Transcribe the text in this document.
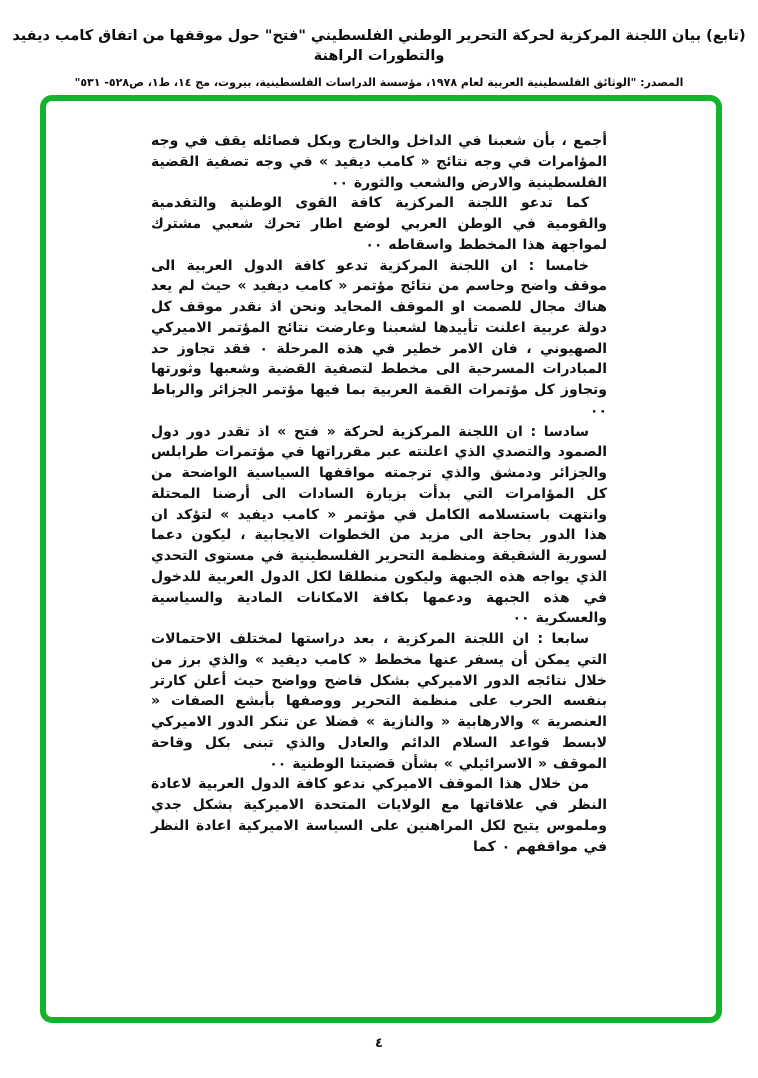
(تابع) بيان اللجنة المركزية لحركة التحرير الوطني الفلسطيني "فتح" حول موقفها من اتفاق كامب ديفيد والتطورات الراهنة
المصدر: "الوثائق الفلسطينية العربية لعام ١٩٧٨، مؤسسة الدراسات الفلسطينية، بيروت، مج ١٤، ط١، ص٥٢٨- ٥٣١"

أجمع ، بأن شعبنا في الداخل والخارج وبكل فصائله يقف في وجه المؤامرات في وجه نتائج « كامب ديفيد » في وجه تصفية القضية الفلسطينية والارض والشعب والثورة ٠٠

كما تدعو اللجنة المركزية كافة القوى الوطنية والتقدمية والقومية في الوطن العربي لوضع اطار تحرك شعبي مشترك لمواجهة هذا المخطط واسقاطه ٠٠

خامسا : ان اللجنة المركزية تدعو كافة الدول العربية الى موقف واضح وحاسم من نتائج مؤتمر « كامب ديفيد » حيث لم يعد هناك مجال للصمت او الموقف المحايد ونحن اذ نقدر موقف كل دولة عربية اعلنت تأييدها لشعبنا وعارضت نتائج المؤتمر الاميركي الصهيوني ، فان الامر خطير في هذه المرحلة ٠ فقد تجاوز حد المبادرات المسرحية الى مخطط لتصفية القضية وشعبها وثورتها وتجاوز كل مؤتمرات القمة العربية بما فيها مؤتمر الجزائر والرباط ٠٠

سادسا : ان اللجنة المركزية لحركة « فتح » اذ تقدر دور دول الصمود والتصدي الذي اعلنته عبر مقرراتها في مؤتمرات طرابلس والجزائر ودمشق والذي ترجمته مواقفها السياسية الواضحة من كل المؤامرات التي بدأت بزيارة السادات الى أرضنا المحتلة وانتهت باستسلامه الكامل في مؤتمر « كامب ديفيد » لتؤكد ان هذا الدور بحاجة الى مزيد من الخطوات الايجابية ، ليكون دعما لسورية الشقيقة ومنظمة التحرير الفلسطينية في مستوى التحدي الذي يواجه هذه الجبهة وليكون منطلقا لكل الدول العربية للدخول في هذه الجبهة ودعمها بكافة الامكانات المادية والسياسية والعسكرية ٠٠

سابعا : ان اللجنة المركزية ، بعد دراستها لمختلف الاحتمالات التي يمكن أن يسفر عنها مخطط « كامب ديفيد » والذي برز من خلال نتائجه الدور الاميركي بشكل فاضح وواضح حيث أعلن كارتر بنفسه الحرب على منظمة التحرير ووصفها بأبشع الصفات « العنصرية » والارهابية « والنازية » فضلا عن تنكر الدور الاميركي لابسط قواعد السلام الدائم والعادل والذي تبنى بكل وقاحة الموقف « الاسرائيلي » بشأن قضيتنا الوطنية ٠٠

من خلال هذا الموقف الاميركي ندعو كافة الدول العربية لاعادة النظر في علاقاتها مع الولايات المتحدة الاميركية بشكل جدي وملموس يتيح لكل المراهنين على السياسة الاميركية اعادة النظر في مواقفهم ٠ كما

٤
